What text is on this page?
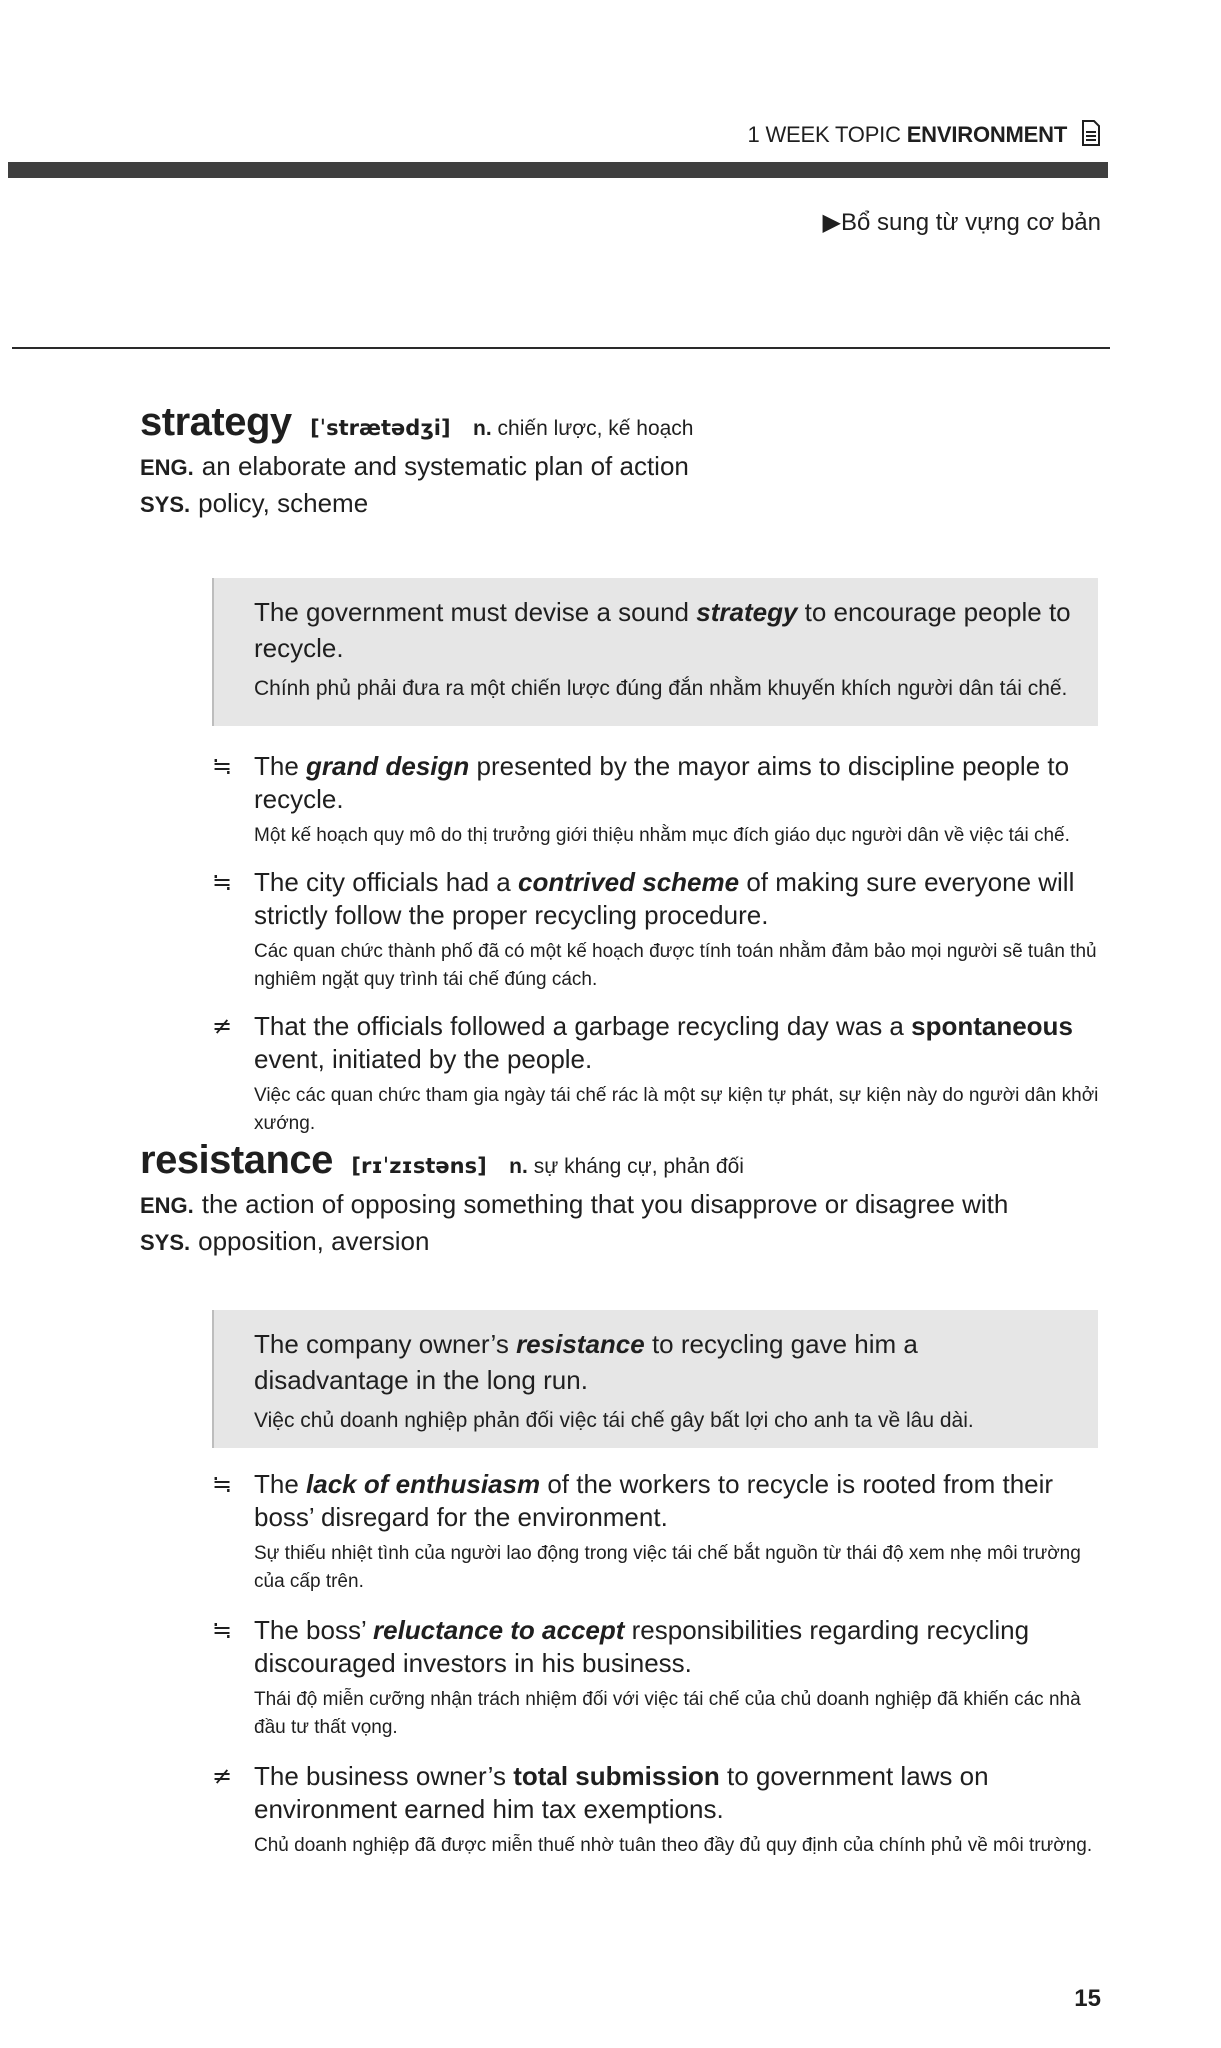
1 WEEK TOPIC ENVIRONMENT
▶Bổ sung từ vựng cơ bản
strategy [ˈstrætədʒi] n. chiến lược, kế hoạch
ENG. an elaborate and systematic plan of action
SYS. policy, scheme
The government must devise a sound strategy to encourage people to recycle.
Chính phủ phải đưa ra một chiến lược đúng đắn nhằm khuyến khích người dân tái chế.
≒ The grand design presented by the mayor aims to discipline people to recycle.
Một kế hoạch quy mô do thị trưởng giới thiệu nhằm mục đích giáo dục người dân về việc tái chế.
≒ The city officials had a contrived scheme of making sure everyone will strictly follow the proper recycling procedure.
Các quan chức thành phố đã có một kế hoạch được tính toán nhằm đảm bảo mọi người sẽ tuân thủ nghiêm ngặt quy trình tái chế đúng cách.
≠ That the officials followed a garbage recycling day was a spontaneous event, initiated by the people.
Việc các quan chức tham gia ngày tái chế rác là một sự kiện tự phát, sự kiện này do người dân khởi xướng.
resistance [rɪˈzɪstəns] n. sự kháng cự, phản đối
ENG. the action of opposing something that you disapprove or disagree with
SYS. opposition, aversion
The company owner’s resistance to recycling gave him a disadvantage in the long run.
Việc chủ doanh nghiệp phản đối việc tái chế gây bất lợi cho anh ta về lâu dài.
≒ The lack of enthusiasm of the workers to recycle is rooted from their boss’ disregard for the environment.
Sự thiếu nhiệt tình của người lao động trong việc tái chế bắt nguồn từ thái độ xem nhẹ môi trường của cấp trên.
≒ The boss’ reluctance to accept responsibilities regarding recycling discouraged investors in his business.
Thái độ miễn cưỡng nhận trách nhiệm đối với việc tái chế của chủ doanh nghiệp đã khiến các nhà đầu tư thất vọng.
≠ The business owner’s total submission to government laws on environment earned him tax exemptions.
Chủ doanh nghiệp đã được miễn thuế nhờ tuân theo đầy đủ quy định của chính phủ về môi trường.
15
